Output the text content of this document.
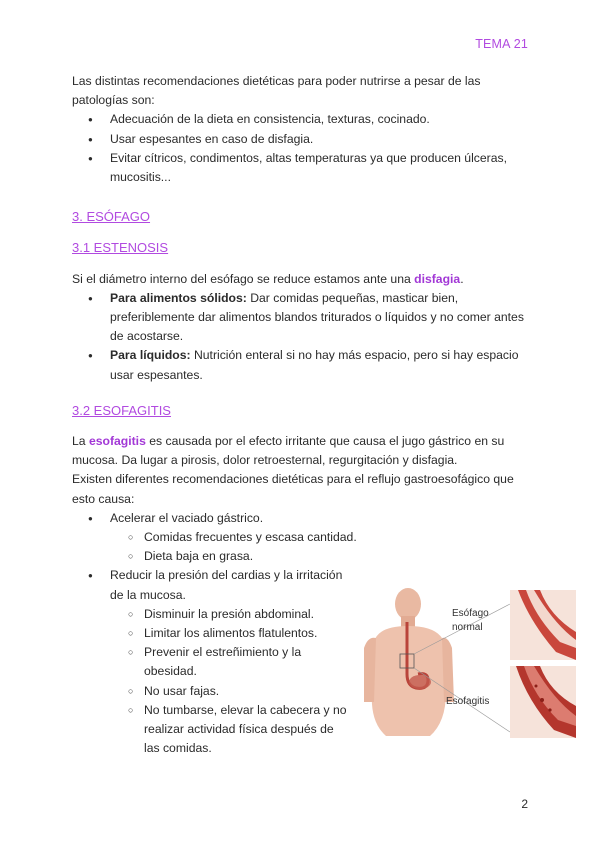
TEMA 21

Las distintas recomendaciones dietéticas para poder nutrirse a pesar de las patologías son:

● Adecuación de la dieta en consistencia, texturas, cocinado.
● Usar espesantes en caso de disfagia.
● Evitar cítricos, condimentos, altas temperaturas ya que producen úlceras, mucositis...
3. ESÓFAGO
3.1 ESTENOSIS

Si el diámetro interno del esófago se reduce estamos ante una disfagia.

● Para alimentos sólidos: Dar comidas pequeñas, masticar bien, preferiblemente dar alimentos blandos triturados o líquidos y no comer antes de acostarse.
● Para líquidos: Nutrición enteral si no hay más espacio, pero si hay espacio usar espesantes.
3.2 ESOFAGITIS

La esofagitis es causada por el efecto irritante que causa el jugo gástrico en su mucosa. Da lugar a pirosis, dolor retroesternal, regurgitación y disfagia.

Existen diferentes recomendaciones dietéticas para el reflujo gastroesofágico que esto causa:

● Acelerar el vaciado gástrico.
○ Comidas frecuentes y escasa cantidad.
○ Dieta baja en grasa.
● Reducir la presión del cardias y la irritación de la mucosa.
○ Disminuir la presión abdominal.
○ Limitar los alimentos flatulentos.
○ Prevenir el estreñimiento y la obesidad.
○ No usar fajas.
○ No tumbarse, elevar la cabecera y no realizar actividad física después de las comidas.
Esófago
normal
Esofagitis
2
